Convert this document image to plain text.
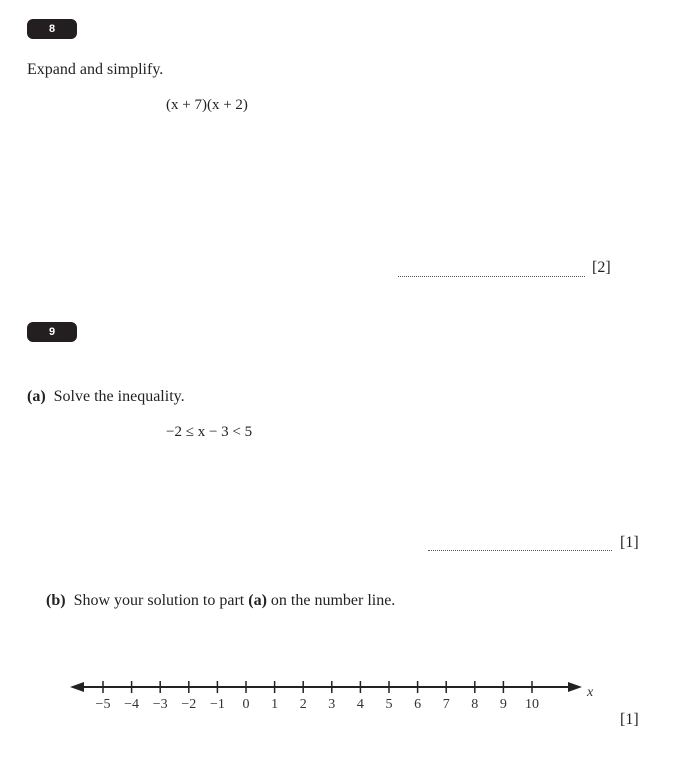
8
Expand and simplify.
(x + 7)(x + 2)
[2]
9
(a) Solve the inequality.
−2 ≤ x − 3 < 5
[1]
(b) Show your solution to part (a) on the number line.
x
−5 −4 −3 −2 −1 0 1 2 3 4 5 6 7 8 9 10
[1]
